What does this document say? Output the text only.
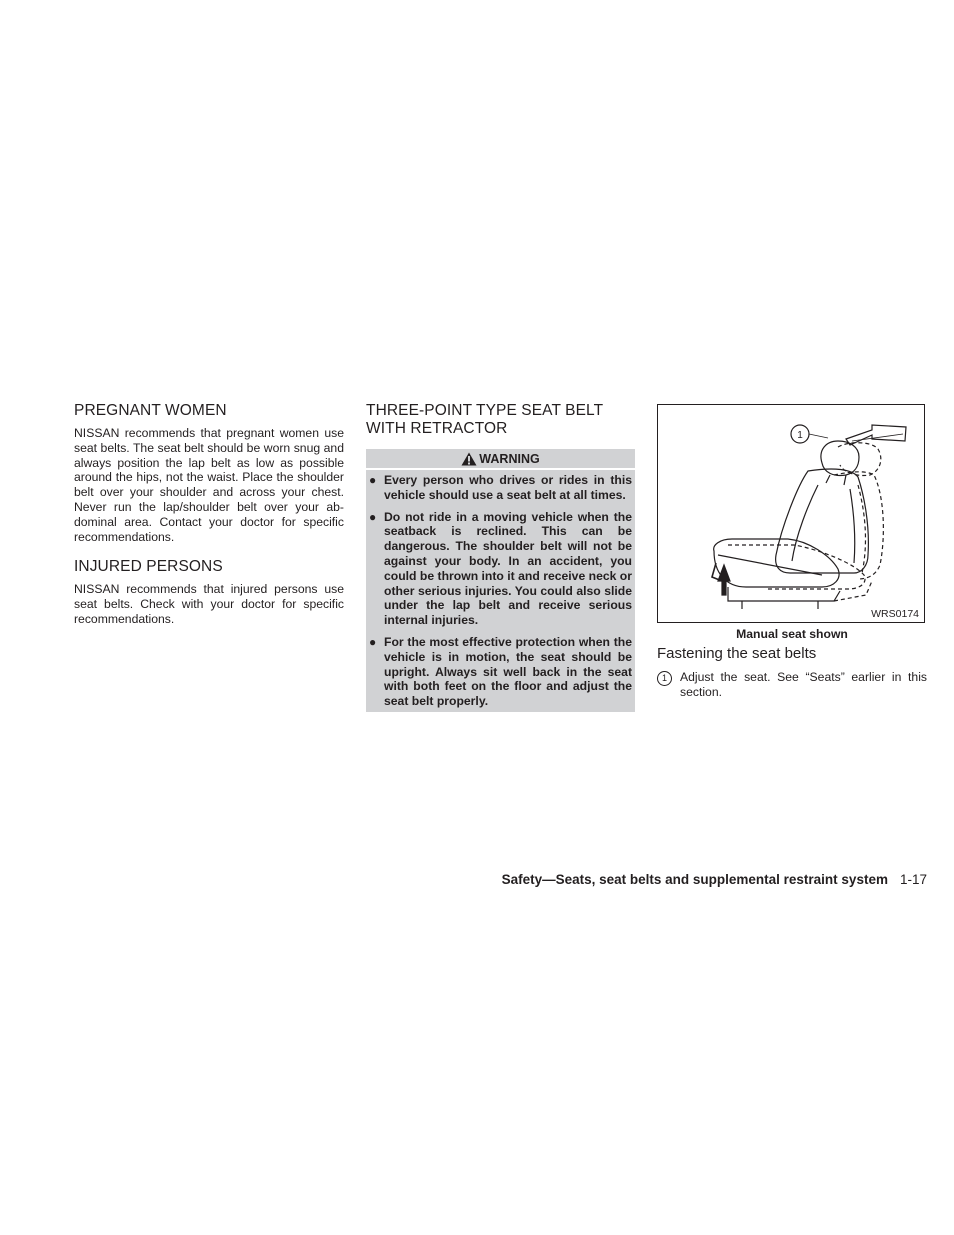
PREGNANT WOMEN

NISSAN recommends that pregnant women use seat belts. The seat belt should be worn snug and always position the lap belt as low as possible around the hips, not the waist. Place the shoulder belt over your shoulder and across your chest. Never run the lap/shoulder belt over your ab-dominal area. Contact your doctor for specific recommendations.

INJURED PERSONS

NISSAN recommends that injured persons use seat belts. Check with your doctor for specific recommendations.

THREE-POINT TYPE SEAT BELT WITH RETRACTOR
WARNING
● Every person who drives or rides in this vehicle should use a seat belt at all times.
● Do not ride in a moving vehicle when the seatback is reclined. This can be dangerous. The shoulder belt will not be against your body. In an accident, you could be thrown into it and receive neck or other serious injuries. You could also slide under the lap belt and receive serious internal injuries.
● For the most effective protection when the vehicle is in motion, the seat should be upright. Always sit well back in the seat with both feet on the floor and adjust the seat belt properly.
1
WRS0174
Manual seat shown
Fastening the seat belts
1	Adjust the seat. See “Seats” earlier in this section.

Safety—Seats, seat belts and supplemental restraint system 1-17
